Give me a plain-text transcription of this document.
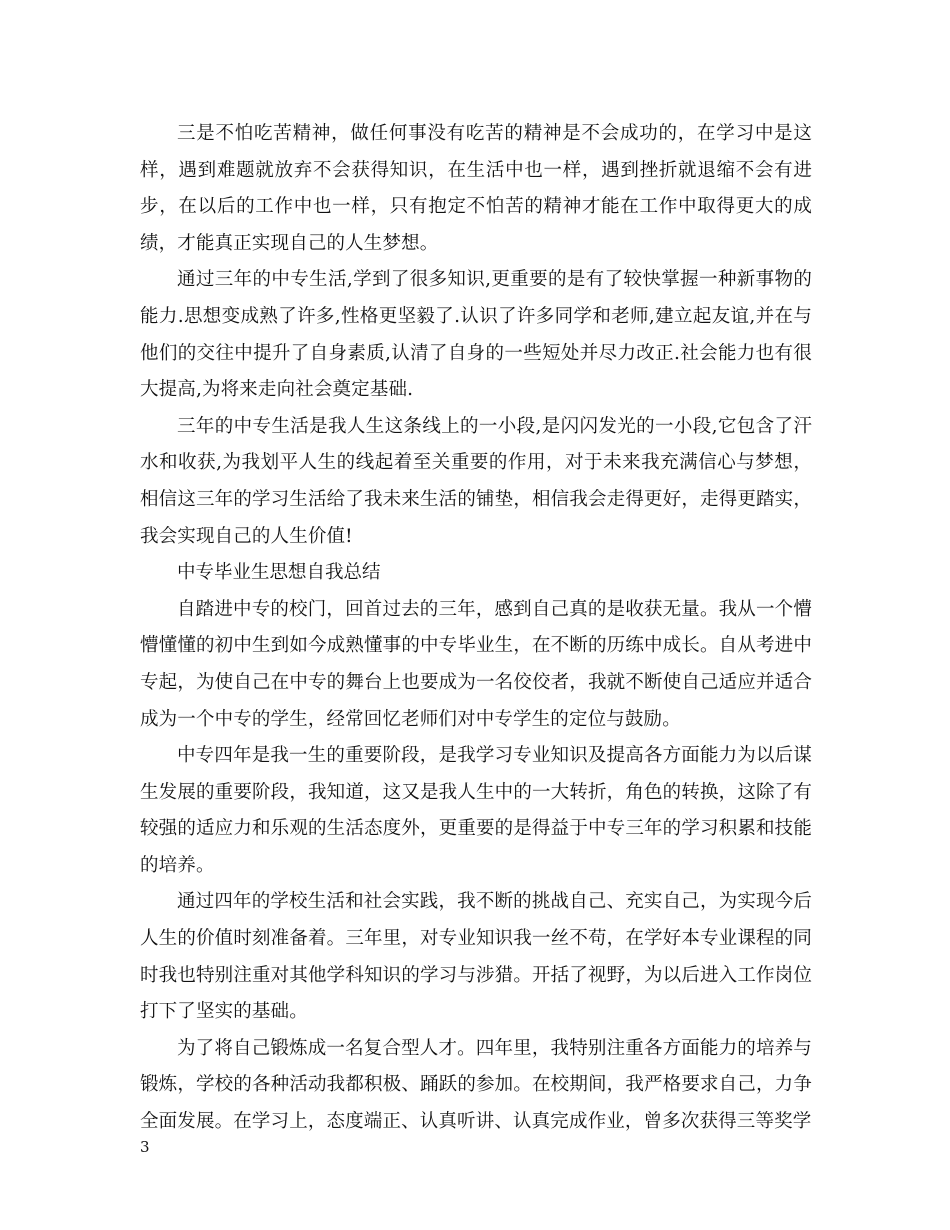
三是不怕吃苦精神，做任何事没有吃苦的精神是不会成功的，在学习中是这样，遇到难题就放弃不会获得知识，在生活中也一样，遇到挫折就退缩不会有进步，在以后的工作中也一样，只有抱定不怕苦的精神才能在工作中取得更大的成绩，才能真正实现自己的人生梦想。

通过三年的中专生活,学到了很多知识,更重要的是有了较快掌握一种新事物的能力.思想变成熟了许多,性格更坚毅了.认识了许多同学和老师,建立起友谊,并在与他们的交往中提升了自身素质,认清了自身的一些短处并尽力改正.社会能力也有很大提高,为将来走向社会奠定基础.

三年的中专生活是我人生这条线上的一小段,是闪闪发光的一小段,它包含了汗水和收获,为我划平人生的线起着至关重要的作用，对于未来我充满信心与梦想，相信这三年的学习生活给了我未来生活的铺垫，相信我会走得更好，走得更踏实，我会实现自己的人生价值!

中专毕业生思想自我总结

自踏进中专的校门，回首过去的三年，感到自己真的是收获无量。我从一个懵懵懂懂的初中生到如今成熟懂事的中专毕业生，在不断的历练中成长。自从考进中专起，为使自己在中专的舞台上也要成为一名佼佼者，我就不断使自己适应并适合成为一个中专的学生，经常回忆老师们对中专学生的定位与鼓励。

中专四年是我一生的重要阶段，是我学习专业知识及提高各方面能力为以后谋生发展的重要阶段，我知道，这又是我人生中的一大转折，角色的转换，这除了有较强的适应力和乐观的生活态度外，更重要的是得益于中专三年的学习积累和技能的培养。

通过四年的学校生活和社会实践，我不断的挑战自己、充实自己，为实现今后人生的价值时刻准备着。三年里，对专业知识我一丝不苟，在学好本专业课程的同时我也特别注重对其他学科知识的学习与涉猎。开括了视野，为以后进入工作岗位打下了坚实的基础。

为了将自己锻炼成一名复合型人才。四年里，我特别注重各方面能力的培养与锻炼，学校的各种活动我都积极、踊跃的参加。在校期间，我严格要求自己，力争全面发展。在学习上，态度端正、认真听讲、认真完成作业，曾多次获得三等奖学

3
